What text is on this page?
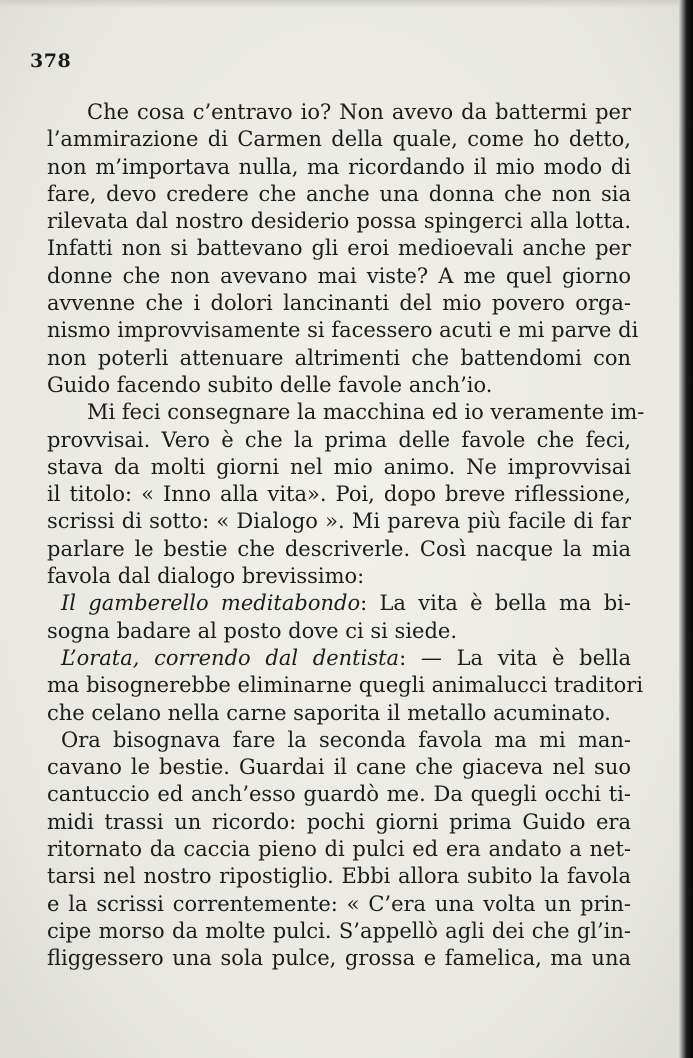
378
Che cosa c’entravo io? Non avevo da battermi per
l’ammirazione di Carmen della quale, come ho detto,
non m’importava nulla, ma ricordando il mio modo di
fare, devo credere che anche una donna che non sia
rilevata dal nostro desiderio possa spingerci alla lotta.
Infatti non si battevano gli eroi medioevali anche per
donne che non avevano mai viste? A me quel giorno
avvenne che i dolori lancinanti del mio povero orga-
nismo improvvisamente si facessero acuti e mi parve di
non poterli attenuare altrimenti che battendomi con
Guido facendo subito delle favole anch’io.
Mi feci consegnare la macchina ed io veramente im-
provvisai. Vero è che la prima delle favole che feci,
stava da molti giorni nel mio animo. Ne improvvisai
il titolo: « Inno alla vita». Poi, dopo breve riflessione,
scrissi di sotto: « Dialogo ». Mi pareva più facile di far
parlare le bestie che descriverle. Così nacque la mia
favola dal dialogo brevissimo:
Il gamberello meditabondo: La vita è bella ma bi-
sogna badare al posto dove ci si siede.
L’orata, correndo dal dentista: — La vita è bella
ma bisognerebbe eliminarne quegli animalucci traditori
che celano nella carne saporita il metallo acuminato.
Ora bisognava fare la seconda favola ma mi man-
cavano le bestie. Guardai il cane che giaceva nel suo
cantuccio ed anch’esso guardò me. Da quegli occhi ti-
midi trassi un ricordo: pochi giorni prima Guido era
ritornato da caccia pieno di pulci ed era andato a net-
tarsi nel nostro ripostiglio. Ebbi allora subito la favola
e la scrissi correntemente: « C’era una volta un prin-
cipe morso da molte pulci. S’appellò agli dei che gl’in-
fliggessero una sola pulce, grossa e famelica, ma una
